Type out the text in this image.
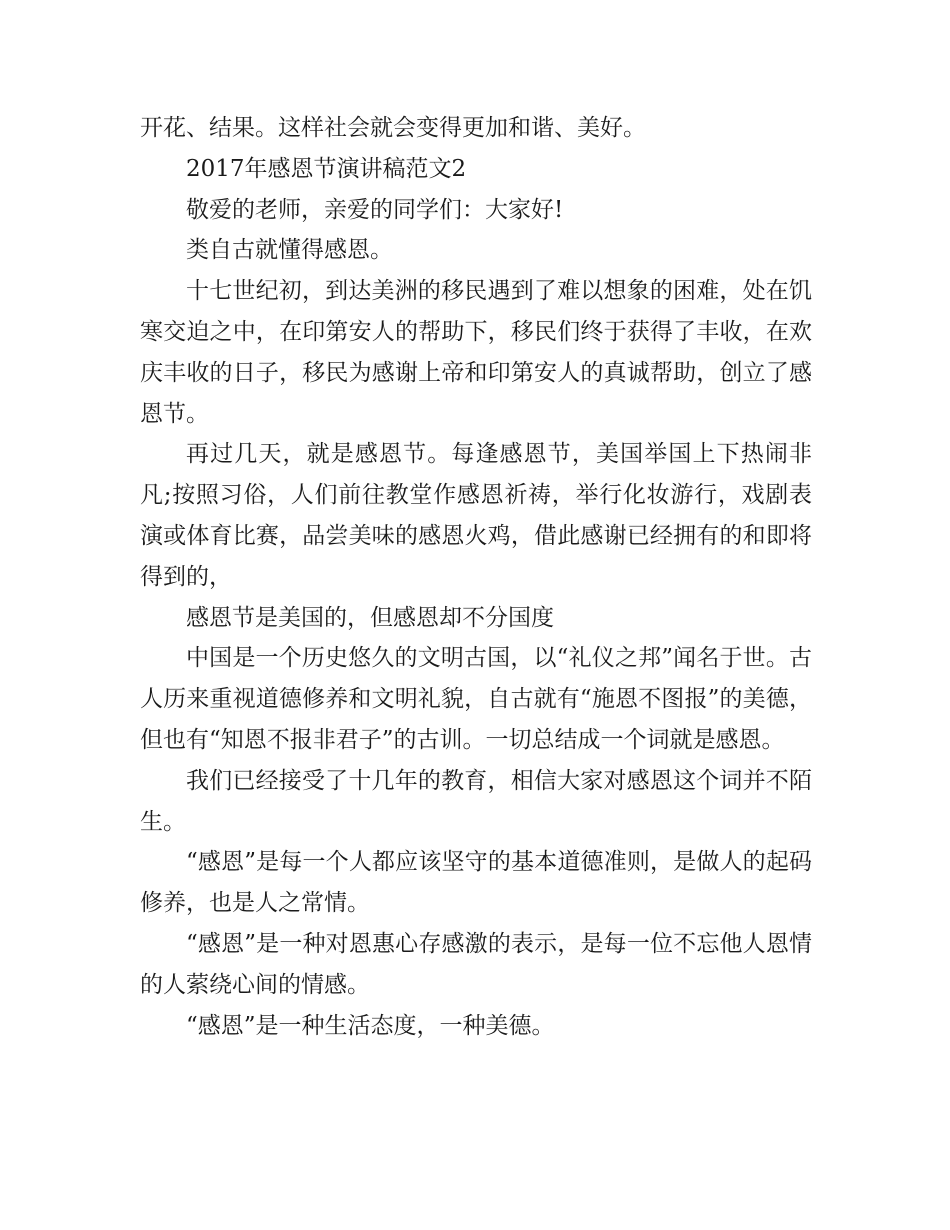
开花、结果。这样社会就会变得更加和谐、美好。

2017年感恩节演讲稿范文2

敬爱的老师，亲爱的同学们：大家好!

类自古就懂得感恩。

十七世纪初，到达美洲的移民遇到了难以想象的困难，处在饥寒交迫之中，在印第安人的帮助下，移民们终于获得了丰收，在欢庆丰收的日子，移民为感谢上帝和印第安人的真诚帮助，创立了感恩节。

再过几天，就是感恩节。每逢感恩节，美国举国上下热闹非凡;按照习俗，人们前往教堂作感恩祈祷，举行化妆游行，戏剧表演或体育比赛，品尝美味的感恩火鸡，借此感谢已经拥有的和即将得到的，

感恩节是美国的，但感恩却不分国度

中国是一个历史悠久的文明古国，以“礼仪之邦”闻名于世。古人历来重视道德修养和文明礼貌，自古就有“施恩不图报”的美德，但也有“知恩不报非君子”的古训。一切总结成一个词就是感恩。

我们已经接受了十几年的教育，相信大家对感恩这个词并不陌生。

“感恩”是每一个人都应该坚守的基本道德准则，是做人的起码修养，也是人之常情。

“感恩”是一种对恩惠心存感激的表示，是每一位不忘他人恩情的人萦绕心间的情感。

“感恩”是一种生活态度，一种美德。
